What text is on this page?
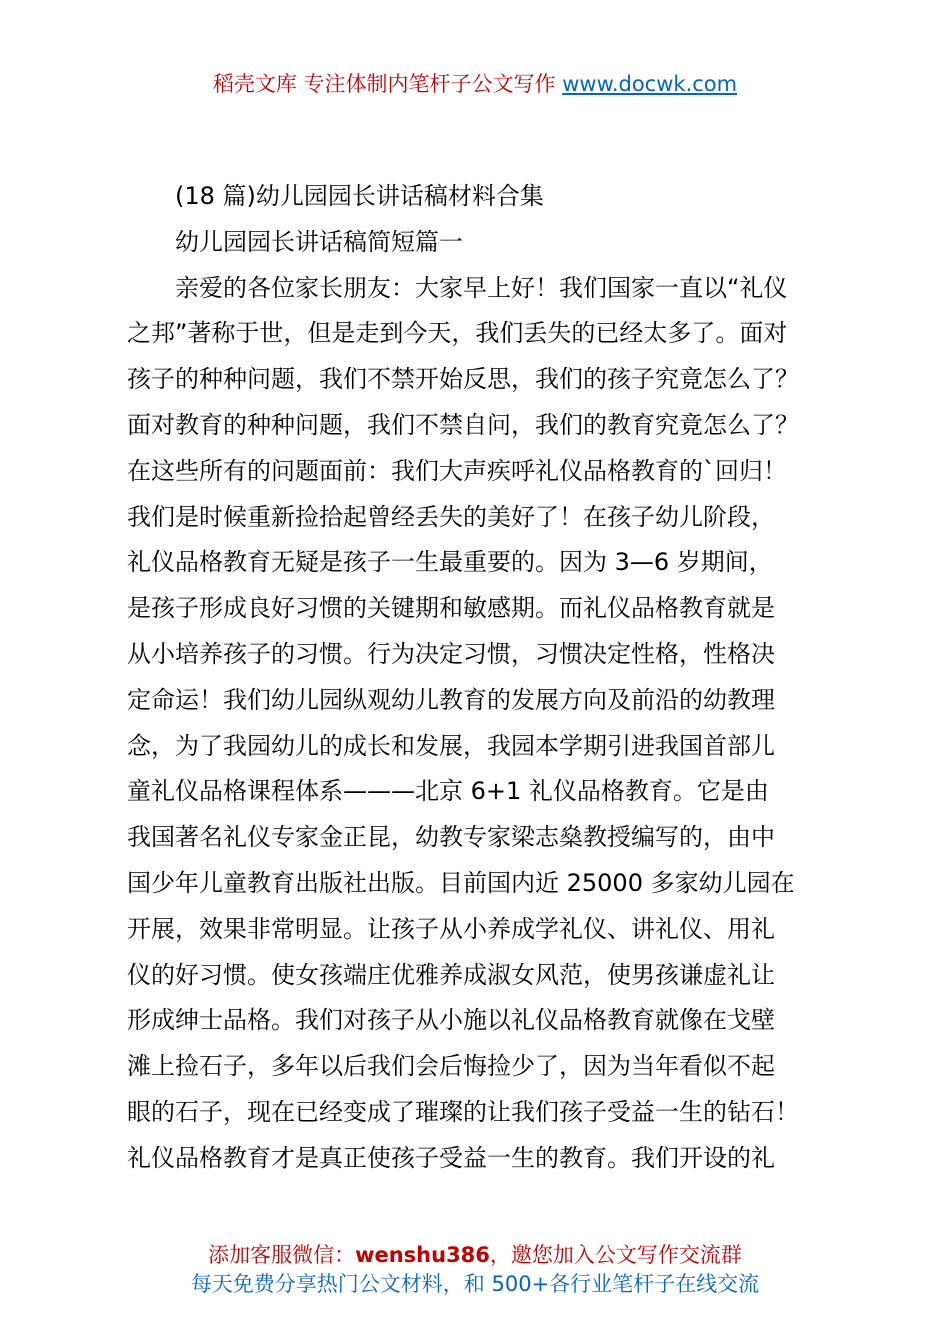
稻壳文库 专注体制内笔杆子公文写作 www.docwk.com
(18 篇)幼儿园园长讲话稿材料合集
幼儿园园长讲话稿简短篇一
亲爱的各位家长朋友：大家早上好！我们国家一直以“礼仪
之邦”著称于世，但是走到今天，我们丢失的已经太多了。面对
孩子的种种问题，我们不禁开始反思，我们的孩子究竟怎么了？
面对教育的种种问题，我们不禁自问，我们的教育究竟怎么了？
在这些所有的问题面前：我们大声疾呼礼仪品格教育的`回归！
我们是时候重新捡拾起曾经丢失的美好了！在孩子幼儿阶段，
礼仪品格教育无疑是孩子一生最重要的。因为 3—6 岁期间，
是孩子形成良好习惯的关键期和敏感期。而礼仪品格教育就是
从小培养孩子的习惯。行为决定习惯，习惯决定性格，性格决
定命运！我们幼儿园纵观幼儿教育的发展方向及前沿的幼教理
念，为了我园幼儿的成长和发展，我园本学期引进我国首部儿
童礼仪品格课程体系———北京 6+1 礼仪品格教育。它是由
我国著名礼仪专家金正昆，幼教专家梁志燊教授编写的，由中
国少年儿童教育出版社出版。目前国内近 25000 多家幼儿园在
开展，效果非常明显。让孩子从小养成学礼仪、讲礼仪、用礼
仪的好习惯。使女孩端庄优雅养成淑女风范，使男孩谦虚礼让
形成绅士品格。我们对孩子从小施以礼仪品格教育就像在戈壁
滩上捡石子，多年以后我们会后悔捡少了，因为当年看似不起
眼的石子，现在已经变成了璀璨的让我们孩子受益一生的钻石！
礼仪品格教育才是真正使孩子受益一生的教育。我们开设的礼
添加客服微信：wenshu386，邀您加入公文写作交流群
每天免费分享热门公文材料，和 500+各行业笔杆子在线交流
